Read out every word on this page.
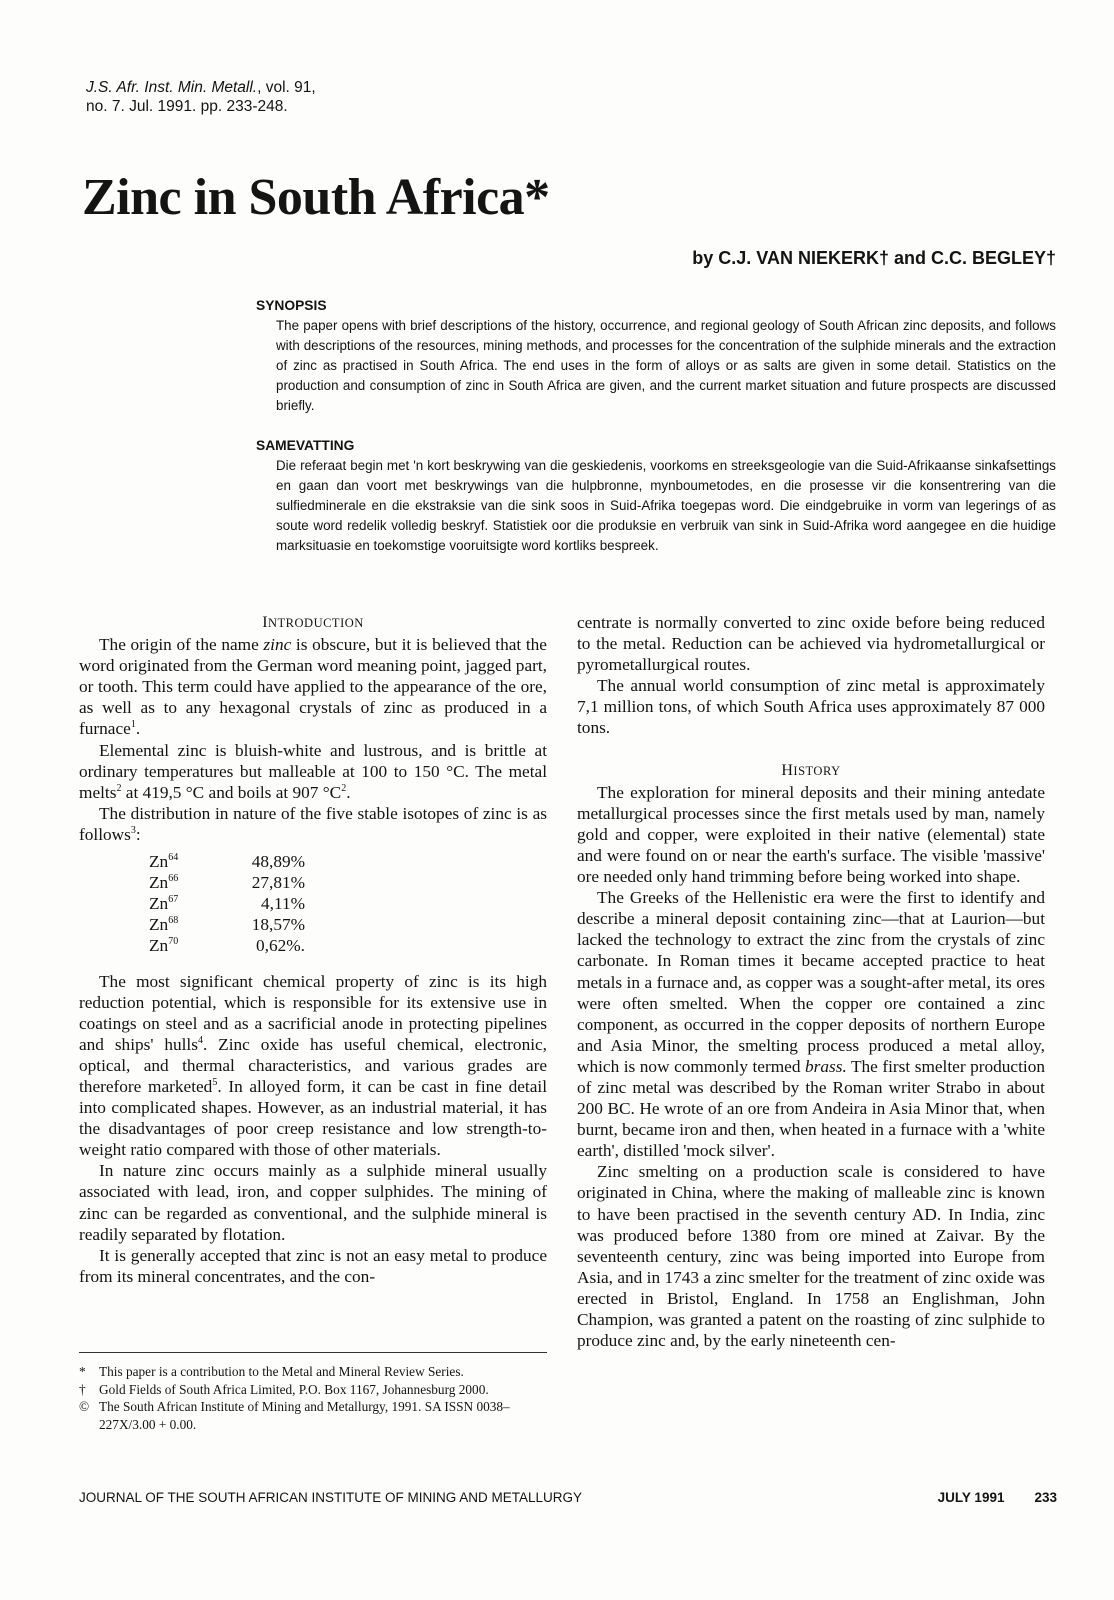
J.S. Afr. Inst. Min. Metall., vol. 91,
no. 7. Jul. 1991. pp. 233-248.
Zinc in South Africa*
by C.J. VAN NIEKERK† and C.C. BEGLEY†
SYNOPSIS

The paper opens with brief descriptions of the history, occurrence, and regional geology of South African zinc deposits, and follows with descriptions of the resources, mining methods, and processes for the concentration of the sulphide minerals and the extraction of zinc as practised in South Africa. The end uses in the form of alloys or as salts are given in some detail. Statistics on the production and consumption of zinc in South Africa are given, and the current market situation and future prospects are discussed briefly.

SAMEVATTING

Die referaat begin met 'n kort beskrywing van die geskiedenis, voorkoms en streeksgeologie van die Suid-Afrikaanse sinkafsettings en gaan dan voort met beskrywings van die hulpbronne, mynboumetodes, en die prosesse vir die konsentrering van die sulfiedminerale en die ekstraksie van die sink soos in Suid-Afrika toegepas word. Die eindgebruike in vorm van legerings of as soute word redelik volledig beskryf. Statistiek oor die produksie en verbruik van sink in Suid-Afrika word aangegee en die huidige marksituasie en toekomstige vooruitsigte word kortliks bespreek.

INTRODUCTION

The origin of the name zinc is obscure, but it is believed that the word originated from the German word meaning point, jagged part, or tooth. This term could have applied to the appearance of the ore, as well as to any hexagonal crystals of zinc as produced in a furnace$^1$.

Elemental zinc is bluish-white and lustrous, and is brittle at ordinary temperatures but malleable at 100 to 150 °C. The metal melts$^2$ at 419,5 °C and boils at 907 $^\circ C^2$.

The distribution in nature of the five stable isotopes of zinc is as follows$^3$:

Zn$^{64}$	48,89%
Zn$^{66}$	27,81%
Zn$^{67}$	4,11%
Zn$^{68}$	18,57%
Zn$^{70}$	0,62%.

The most significant chemical property of zinc is its high reduction potential, which is responsible for its extensive use in coatings on steel and as a sacrificial anode in protecting pipelines and ships' hulls$^4$. Zinc oxide has useful chemical, electronic, optical, and thermal characteristics, and various grades are therefore marketed$^5$. In alloyed form, it can be cast in fine detail into complicated shapes. However, as an industrial material, it has the disadvantages of poor creep resistance and low strength-to-weight ratio compared with those of other materials.

In nature zinc occurs mainly as a sulphide mineral usually associated with lead, iron, and copper sulphides. The mining of zinc can be regarded as conventional, and the sulphide mineral is readily separated by flotation.

It is generally accepted that zinc is not an easy metal to produce from its mineral concentrates, and the con-

centrate is normally converted to zinc oxide before being reduced to the metal. Reduction can be achieved via hydrometallurgical or pyrometallurgical routes.

The annual world consumption of zinc metal is approximately 7,1 million tons, of which South Africa uses approximately 87 000 tons.

HISTORY

The exploration for mineral deposits and their mining antedate metallurgical processes since the first metals used by man, namely gold and copper, were exploited in their native (elemental) state and were found on or near the earth's surface. The visible 'massive' ore needed only hand trimming before being worked into shape.

The Greeks of the Hellenistic era were the first to identify and describe a mineral deposit containing zinc—that at Laurion—but lacked the technology to extract the zinc from the crystals of zinc carbonate. In Roman times it became accepted practice to heat metals in a furnace and, as copper was a sought-after metal, its ores were often smelted. When the copper ore contained a zinc component, as occurred in the copper deposits of northern Europe and Asia Minor, the smelting process produced a metal alloy, which is now commonly termed brass. The first smelter production of zinc metal was described by the Roman writer Strabo in about 200 BC. He wrote of an ore from Andeira in Asia Minor that, when burnt, became iron and then, when heated in a furnace with a 'white earth', distilled 'mock silver'.

Zinc smelting on a production scale is considered to have originated in China, where the making of malleable zinc is known to have been practised in the seventh century AD. In India, zinc was produced before 1380 from ore mined at Zaivar. By the seventeenth century, zinc was being imported into Europe from Asia, and in 1743 a zinc smelter for the treatment of zinc oxide was erected in Bristol, England. In 1758 an Englishman, John Champion, was granted a patent on the roasting of zinc sulphide to produce zinc and, by the early nineteenth cen-

*	This paper is a contribution to the Metal and Mineral Review Series.
†	Gold Fields of South Africa Limited, P.O. Box 1167, Johannesburg 2000.
© The South African Institute of Mining and Metallurgy, 1991. SA ISSN 0038–227X/3.00 + 0.00.
JOURNAL OF THE SOUTH AFRICAN INSTITUTE OF MINING AND METALLURGY	JULY 1991 233
